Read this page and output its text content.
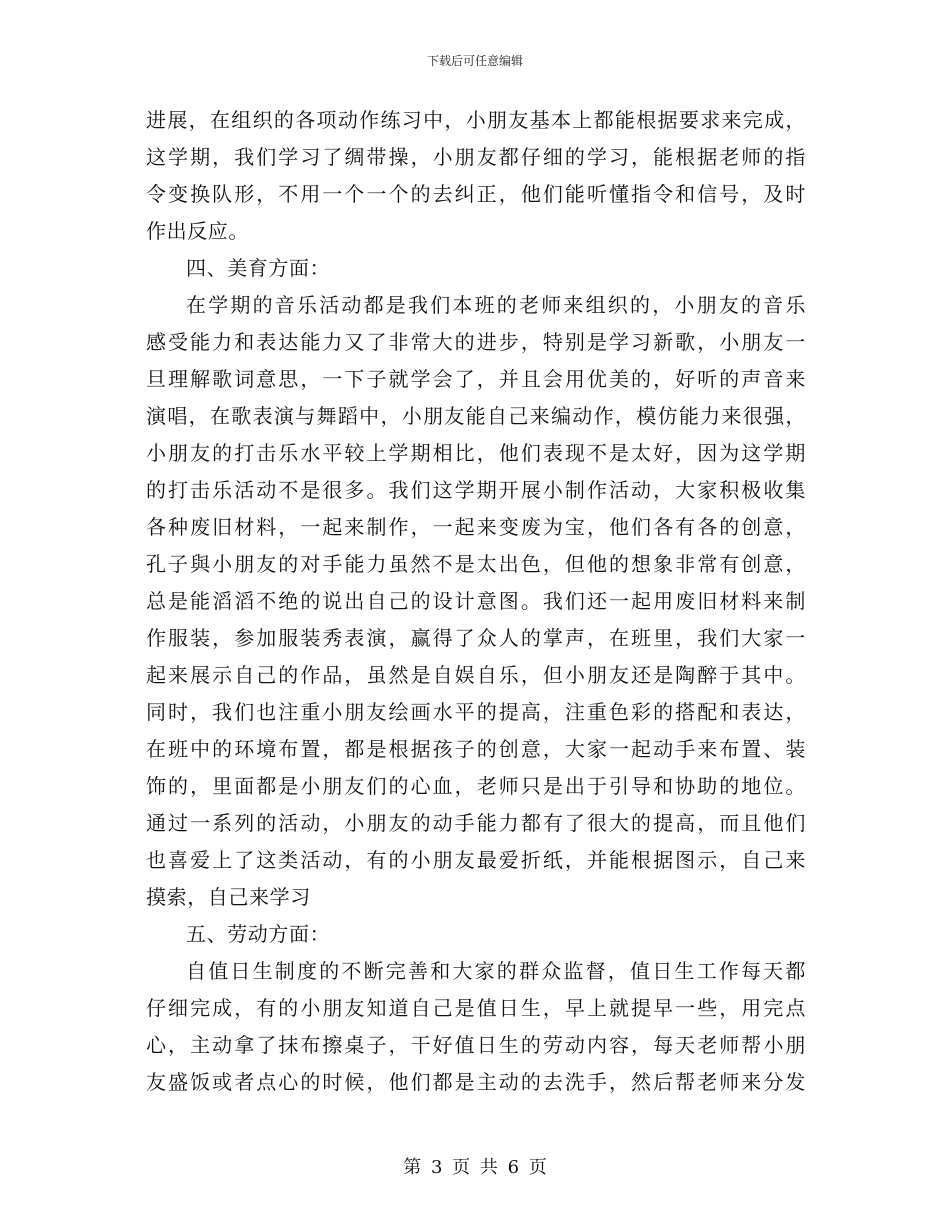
下载后可任意编辑
进展，在组织的各项动作练习中，小朋友基本上都能根据要求来完成，
这学期，我们学习了绸带操，小朋友都仔细的学习，能根据老师的指
令变换队形，不用一个一个的去纠正，他们能听懂指令和信号，及时
作出反应。
四、美育方面：
在学期的音乐活动都是我们本班的老师来组织的，小朋友的音乐
感受能力和表达能力又了非常大的进步，特别是学习新歌，小朋友一
旦理解歌词意思，一下子就学会了，并且会用优美的，好听的声音来
演唱，在歌表演与舞蹈中，小朋友能自己来编动作，模仿能力来很强，
小朋友的打击乐水平较上学期相比，他们表现不是太好，因为这学期
的打击乐活动不是很多。我们这学期开展小制作活动，大家积极收集
各种废旧材料，一起来制作，一起来变废为宝，他们各有各的创意，
孔子與小朋友的对手能力虽然不是太出色，但他的想象非常有创意，
总是能滔滔不绝的说出自己的设计意图。我们还一起用废旧材料来制
作服装，参加服装秀表演，赢得了众人的掌声，在班里，我们大家一
起来展示自己的作品，虽然是自娱自乐，但小朋友还是陶醉于其中。
同时，我们也注重小朋友绘画水平的提高，注重色彩的搭配和表达，
在班中的环境布置，都是根据孩子的创意，大家一起动手来布置、装
饰的，里面都是小朋友们的心血，老师只是出于引导和协助的地位。
通过一系列的活动，小朋友的动手能力都有了很大的提高，而且他们
也喜爱上了这类活动，有的小朋友最爱折纸，并能根据图示，自己来
摸索，自己来学习
五、劳动方面：
自值日生制度的不断完善和大家的群众监督，值日生工作每天都
仔细完成，有的小朋友知道自己是值日生，早上就提早一些，用完点
心，主动拿了抹布擦桌子，干好值日生的劳动内容，每天老师帮小朋
友盛饭或者点心的时候，他们都是主动的去洗手，然后帮老师来分发
第 3 页 共 6 页
